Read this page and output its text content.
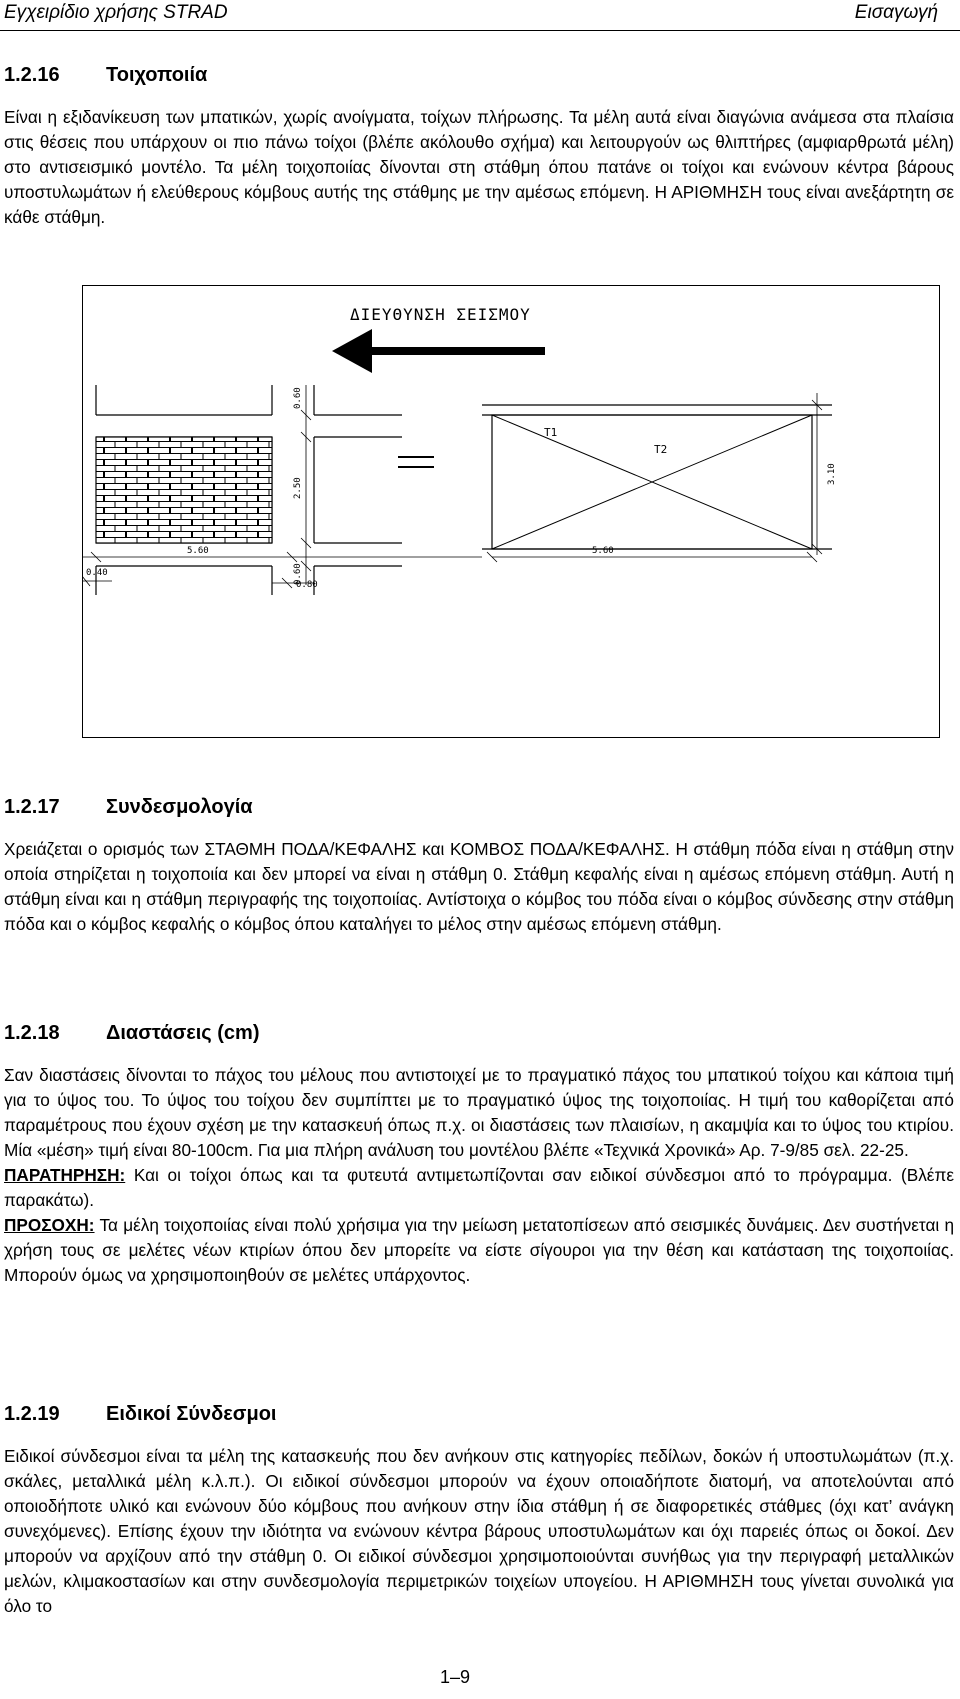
Εγχειρίδιο χρήσης STRAD	Εισαγωγή
1.2.16 Τοιχοποιία
Είναι η εξιδανίκευση των μπατικών, χωρίς ανοίγματα, τοίχων πλήρωσης. Τα μέλη αυτά είναι διαγώνια ανάμεσα στα πλαίσια στις θέσεις που υπάρχουν οι πιο πάνω τοίχοι (βλέπε ακόλουθο σχήμα) και λειτουργούν ως θλιπτήρες (αμφιαρθρωτά μέλη) στο αντισεισμικό μοντέλο. Τα μέλη τοιχοποιίας δίνονται στη στάθμη όπου πατάνε οι τοίχοι και ενώνουν κέντρα βάρους υποστυλωμάτων ή ελεύθερους κόμβους αυτής της στάθμης με την αμέσως επόμενη. Η ΑΡΙΘΜΗΣΗ τους είναι ανεξάρτητη σε κάθε στάθμη.
ΔΙΕΥΘΥΝΣΗ ΣΕΙΣΜΟΥ
0.60
2.50
0.60
T1
T2
3.10
5.60	5.60
0.40
0.80
1.2.17 Συνδεσμολογία
Χρειάζεται ο ορισμός των ΣΤΑΘΜΗ ΠΟΔΑ/ΚΕΦΑΛΗΣ και ΚΟΜΒΟΣ ΠΟΔΑ/ΚΕΦΑΛΗΣ. Η στάθμη πόδα είναι η στάθμη στην οποία στηρίζεται η τοιχοποιία και δεν μπορεί να είναι η στάθμη 0. Στάθμη κεφαλής είναι η αμέσως επόμενη στάθμη. Αυτή η στάθμη είναι και η στάθμη περιγραφής της τοιχοποιίας. Αντίστοιχα ο κόμβος του πόδα είναι ο κόμβος σύνδεσης στην στάθμη πόδα και ο κόμβος κεφαλής ο κόμβος όπου καταλήγει το μέλος στην αμέσως επόμενη στάθμη.
1.2.18 Διαστάσεις (cm)
Σαν διαστάσεις δίνονται το πάχος του μέλους που αντιστοιχεί με το πραγματικό πάχος του μπατικού τοίχου και κάποια τιμή για το ύψος του. Το ύψος του τοίχου δεν συμπίπτει με το πραγματικό ύψος της τοιχοποιίας. Η τιμή του καθορίζεται από παραμέτρους που έχουν σχέση με την κατασκευή όπως π.χ. οι διαστάσεις των πλαισίων, η ακαμψία και το ύψος του κτιρίου. Μία «μέση» τιμή είναι 80-100cm. Για μια πλήρη ανάλυση του μοντέλου βλέπε «Τεχνικά Χρονικά» Αρ. 7-9/85 σελ. 22-25.
ΠΑΡΑΤΗΡΗΣΗ: Και οι τοίχοι όπως και τα φυτευτά αντιμετωπίζονται σαν ειδικοί σύνδεσμοι από το πρόγραμμα. (Βλέπε παρακάτω).
ΠΡΟΣΟΧΗ: Τα μέλη τοιχοποιίας είναι πολύ χρήσιμα για την μείωση μετατοπίσεων από σεισμικές δυνάμεις. Δεν συστήνεται η χρήση τους σε μελέτες νέων κτιρίων όπου δεν μπορείτε να είστε σίγουροι για την θέση και κατάσταση της τοιχοποιίας. Μπορούν όμως να χρησιμοποιηθούν σε μελέτες υπάρχοντος.
1.2.19 Ειδικοί Σύνδεσμοι
Ειδικοί σύνδεσμοι είναι τα μέλη της κατασκευής που δεν ανήκουν στις κατηγορίες πεδίλων, δοκών ή υποστυλωμάτων (π.χ. σκάλες, μεταλλικά μέλη κ.λ.π.). Οι ειδικοί σύνδεσμοι μπορούν να έχουν οποιαδήποτε διατομή, να αποτελούνται από οποιοδήποτε υλικό και ενώνουν δύο κόμβους που ανήκουν στην ίδια στάθμη ή σε διαφορετικές στάθμες (όχι κατ’ ανάγκη συνεχόμενες). Επίσης έχουν την ιδιότητα να ενώνουν κέντρα βάρους υποστυλωμάτων και όχι παρειές όπως οι δοκοί. Δεν μπορούν να αρχίζουν από την στάθμη 0. Οι ειδικοί σύνδεσμοι χρησιμοποιούνται συνήθως για την περιγραφή μεταλλικών μελών, κλιμακοστασίων και στην συνδεσμολογία περιμετρικών τοιχείων υπογείου. Η ΑΡΙΘΜΗΣΗ τους γίνεται συνολικά για όλο το
1–9
